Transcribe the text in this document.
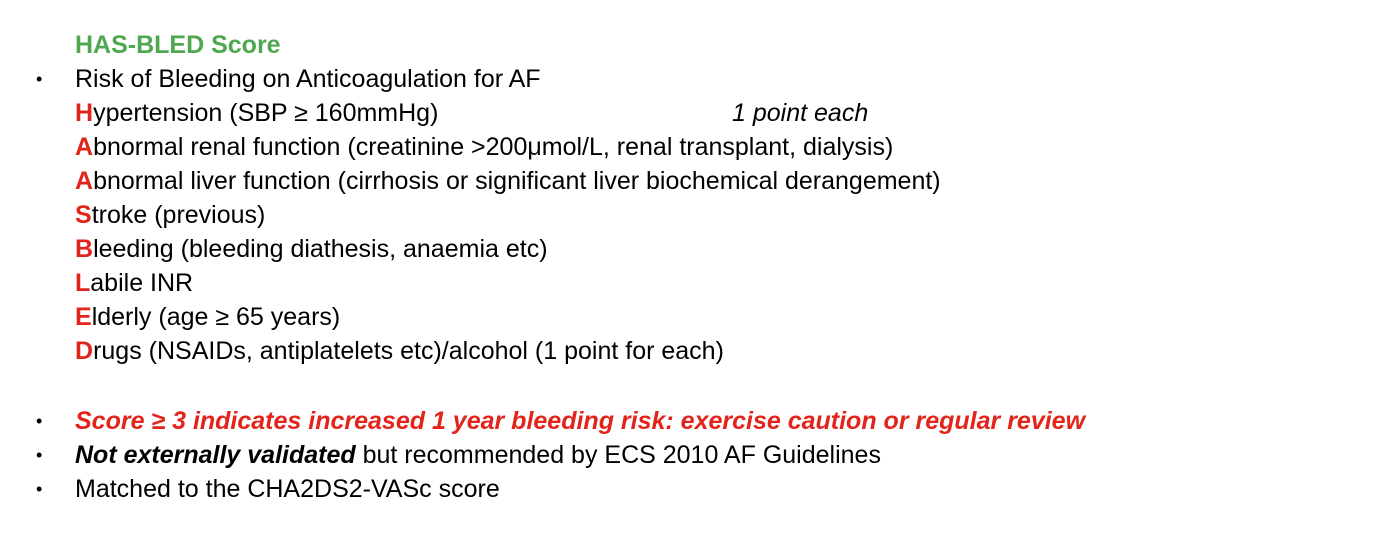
HAS-BLED Score
• Risk of Bleeding on Anticoagulation for AF
Hypertension (SBP ≥ 160mmHg)	1 point each
Abnormal renal function (creatinine >200μmol/L, renal transplant, dialysis)
Abnormal liver function (cirrhosis or significant liver biochemical derangement)
Stroke (previous)
Bleeding (bleeding diathesis, anaemia etc)
Labile INR
Elderly (age ≥ 65 years)
Drugs (NSAIDs, antiplatelets etc)/alcohol (1 point for each)
• Score ≥ 3 indicates increased 1 year bleeding risk: exercise caution or regular review
• Not externally validated but recommended by ECS 2010 AF Guidelines
• Matched to the CHA2DS2-VASc score
